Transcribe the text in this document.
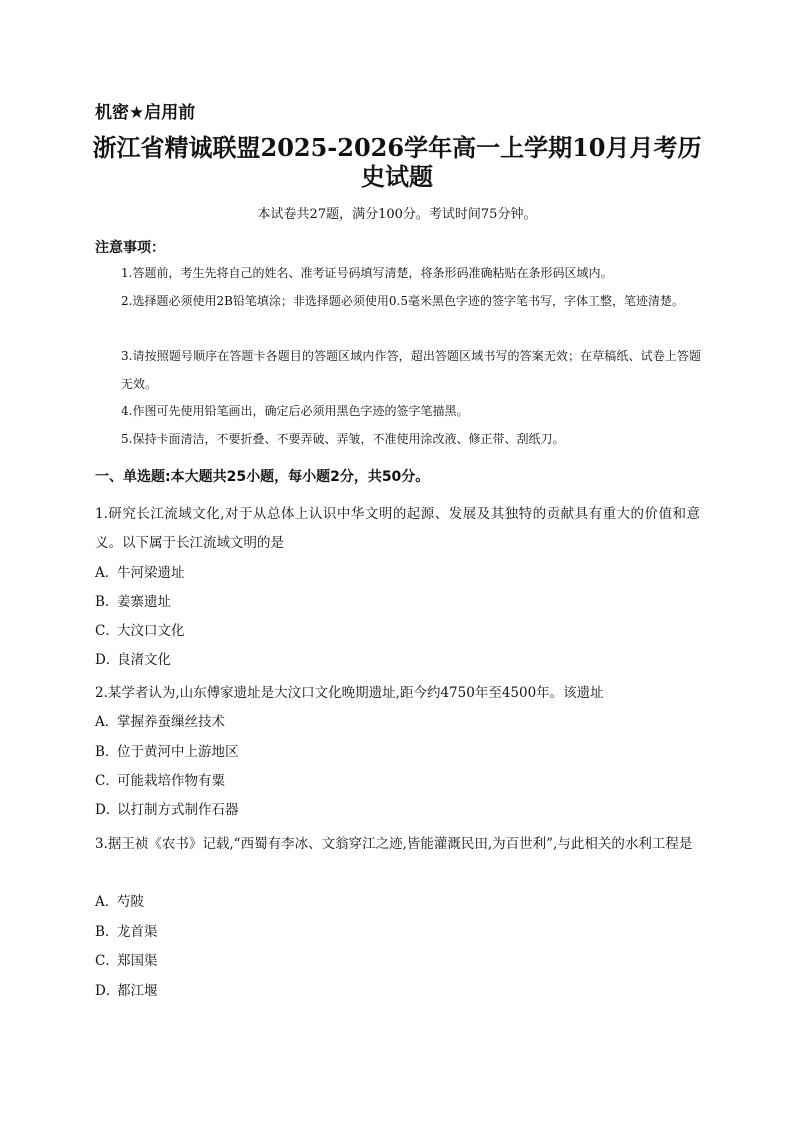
机密★启用前
浙江省精诚联盟2025-2026学年高一上学期10月月考历
史试题
本试卷共27题，满分100分。考试时间75分钟。
注意事项：
1.答题前，考生先将自己的姓名、准考证号码填写清楚，将条形码准确粘贴在条形码区域内。
2.选择题必须使用2B铅笔填涂；非选择题必须使用0.5毫米黑色字迹的签字笔书写，字体工整，笔迹清楚。
3.请按照题号顺序在答题卡各题目的答题区域内作答，超出答题区域书写的答案无效；在草稿纸、试卷上答题无效。
4.作图可先使用铅笔画出，确定后必须用黑色字迹的签字笔描黑。
5.保持卡面清洁，不要折叠、不要弄破、弄皱，不准使用涂改液、修正带、刮纸刀。
一、单选题:本大题共25小题，每小题2分，共50分。
1.研究长江流域文化,对于从总体上认识中华文明的起源、发展及其独特的贡献具有重大的价值和意义。以下属于长江流域文明的是
A．牛河梁遗址
B．姜寨遗址
C．大汶口文化
D．良渚文化
2.某学者认为,山东傅家遗址是大汶口文化晚期遗址,距今约4750年至4500年。该遗址
A．掌握养蚕缫丝技术
B．位于黄河中上游地区
C．可能栽培作物有粟
D．以打制方式制作石器
3.据王祯《农书》记载,“西蜀有李冰、文翁穿江之迹,皆能灌溉民田,为百世利”,与此相关的水利工程是
A．芍陂
B．龙首渠
C．郑国渠
D．都江堰
